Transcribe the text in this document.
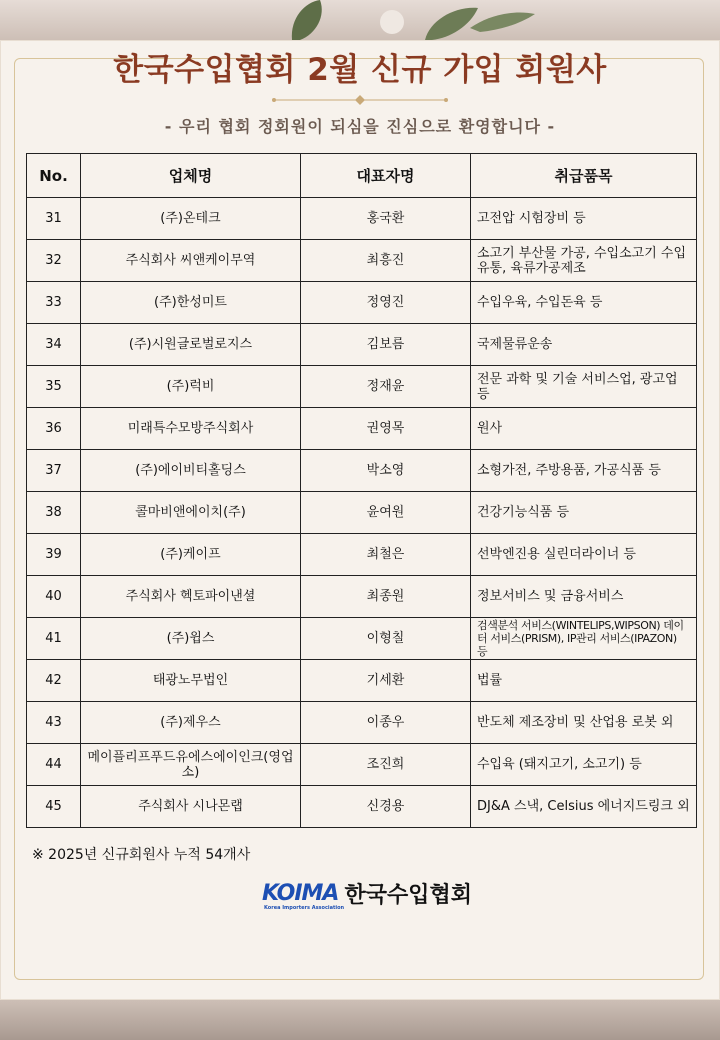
한국수입협회 2월 신규 가입 회원사
- 우리 협회 정회원이 되심을 진심으로 환영합니다 -
No.	업체명	대표자명	취급품목
31	(주)온테크	홍국환	고전압 시험장비 등
32	주식회사 씨앤케이무역	최흥진	소고기 부산물 가공, 수입소고기 수입유통, 육류가공제조
33	(주)한성미트	정영진	수입우육, 수입돈육 등
34	(주)시원글로벌로지스	김보름	국제물류운송
35	(주)럭비	정재윤	전문 과학 및 기술 서비스업, 광고업 등
36	미래특수모방주식회사	권영목	원사
37	(주)에이비티홀딩스	박소영	소형가전, 주방용품, 가공식품 등
38	콜마비앤에이치(주)	윤여원	건강기능식품 등
39	(주)케이프	최철은	선박엔진용 실린더라이너 등
40	주식회사 헥토파이낸셜	최종원	정보서비스 및 금융서비스
41	(주)윕스	이형칠	검색분석 서비스(WINTELIPS,WIPSON) 데이터 서비스(PRISM), IP관리 서비스(IPAZON) 등
42	태광노무법인	기세환	법률
43	(주)제우스	이종우	반도체 제조장비 및 산업용 로봇 외
44	메이플리프푸드유에스에이인크(영업소)	조진희	수입육 (돼지고기, 소고기) 등
45	주식회사 시나몬랩	신경용	DJ&A 스낵, Celsius 에너지드링크 외
※ 2025년 신규회원사 누적 54개사
KOIMA
Korea Importers Association 한국수입협회
